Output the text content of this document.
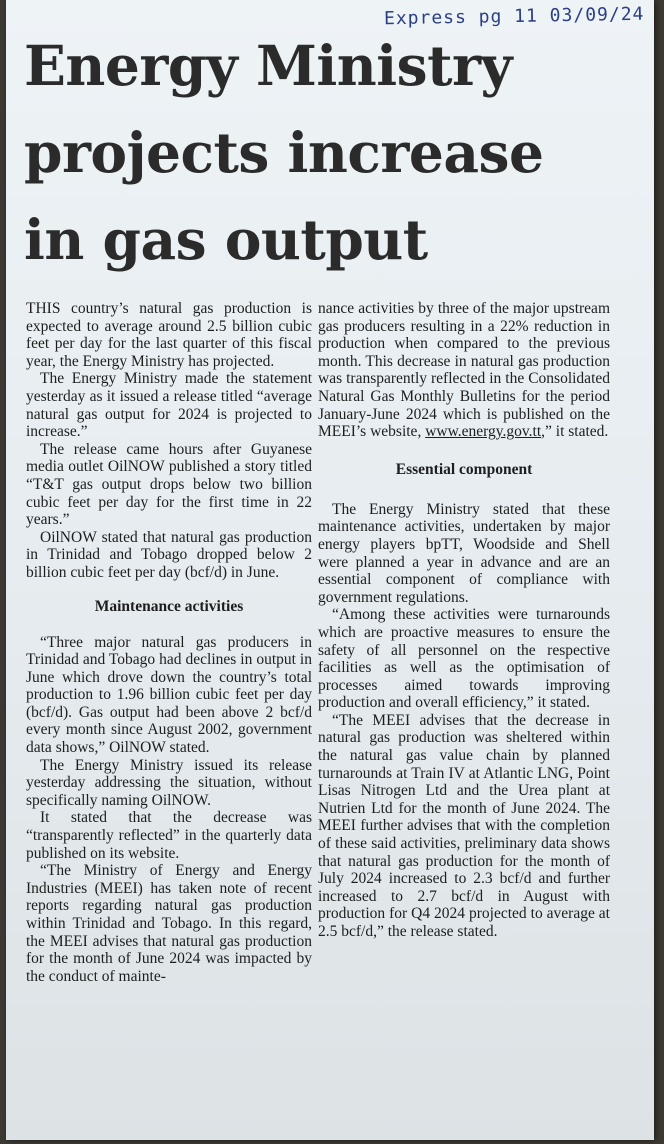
Express pg 11 03/09/24
Energy Ministry
projects increase
in gas output

THIS country’s natural gas production is expected to average around 2.5 billion cubic feet per day for the last quarter of this fiscal year, the Energy Ministry has projected.

The Energy Ministry made the statement yesterday as it issued a release titled “average natural gas output for 2024 is projected to increase.”

The release came hours after Guyanese media outlet OilNOW published a story titled “T&T gas output drops below two billion cubic feet per day for the first time in 22 years.”

OilNOW stated that natural gas production in Trinidad and Tobago dropped below 2 billion cubic feet per day (bcf/d) in June.

Maintenance activities

“Three major natural gas producers in Trinidad and Tobago had declines in output in June which drove down the country’s total production to 1.96 billion cubic feet per day (bcf/d). Gas output had been above 2 bcf/d every month since August 2002, government data shows,” OilNOW stated.

The Energy Ministry issued its release yesterday addressing the situation, without specifically naming OilNOW.

It stated that the decrease was “transparently reflected” in the quarterly data published on its website.

“The Ministry of Energy and Energy Industries (MEEI) has taken note of recent reports regarding natural gas production within Trinidad and Tobago. In this regard, the MEEI advises that natural gas production for the month of June 2024 was impacted by the conduct of mainte-

nance activities by three of the major upstream gas producers resulting in a 22% reduction in production when compared to the previous month. This decrease in natural gas production was transparently reflected in the Consolidated Natural Gas Monthly Bulletins for the period January-June 2024 which is published on the MEEI’s website, www.energy.gov.tt,” it stated.

Essential component

The Energy Ministry stated that these maintenance activities, undertaken by major energy players bpTT, Woodside and Shell were planned a year in advance and are an essential component of compliance with government regulations.

“Among these activities were turnarounds which are proactive measures to ensure the safety of all personnel on the respective facilities as well as the optimisation of processes aimed towards improving production and overall efficiency,” it stated.

“The MEEI advises that the decrease in natural gas production was sheltered within the natural gas value chain by planned turnarounds at Train IV at Atlantic LNG, Point Lisas Nitrogen Ltd and the Urea plant at Nutrien Ltd for the month of June 2024. The MEEI further advises that with the completion of these said activities, preliminary data shows that natural gas production for the month of July 2024 increased to 2.3 bcf/d and further increased to 2.7 bcf/d in August with production for Q4 2024 projected to average at 2.5 bcf/d,” the release stated.
